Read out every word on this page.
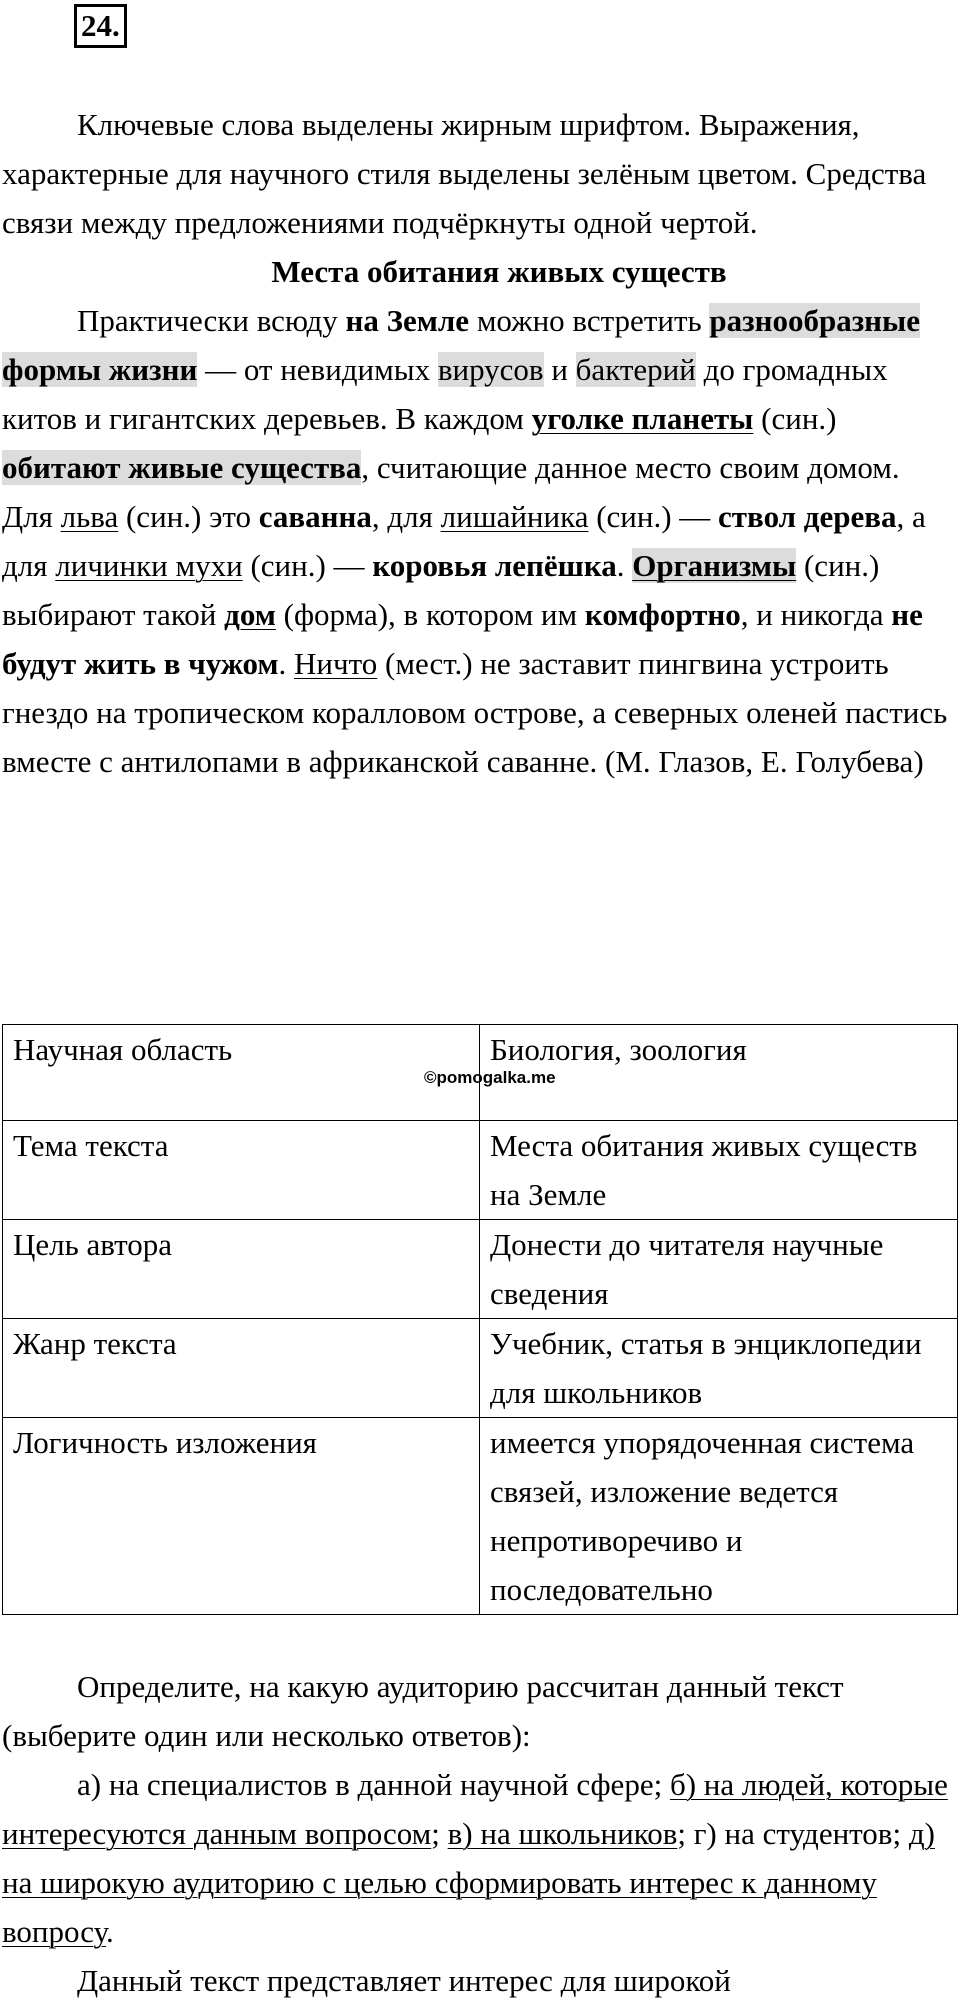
24.

Ключевые слова выделены жирным шрифтом. Выражения, характерные для научного стиля выделены зелёным цветом. Средства связи между предложениями подчёркнуты одной чертой.

Места обитания живых существ

Практически всюду на Земле можно встретить разнообразные формы жизни — от невидимых вирусов и бактерий до громадных китов и гигантских деревьев. В каждом уголке планеты (син.) обитают живые существа, считающие данное место своим домом. Для льва (син.) это саванна, для лишайника (син.) — ствол дерева, а для личинки мухи (син.) — коровья лепёшка. Организмы (син.) выбирают такой дом (форма), в котором им комфортно, и никогда не будут жить в чужом. Ничто (мест.) не заставит пингвина устроить гнездо на тропическом коралловом острове, а северных оленей пастись вместе с антилопами в африканской саванне. (М. Глазов, Е. Голубева)

Научная область	Биология, зоология
Тема текста	Места обитания живых существ на Земле
Цель автора	Донести до читателя научные сведения
Жанр текста	Учебник, статья в энциклопедии для школьников
Логичность изложения	имеется упорядоченная система связей, изложение ведется непротиворечиво и последовательно
©pomogalka.me

Определите, на какую аудиторию рассчитан данный текст (выберите один или несколько ответов):

а) на специалистов в данной научной сфере; б) на людей, которые интересуются данным вопросом; в) на школьников; г) на студентов; д) на широкую аудиторию с целью сформировать интерес к данному вопросу.

Данный текст представляет интерес для широкой
